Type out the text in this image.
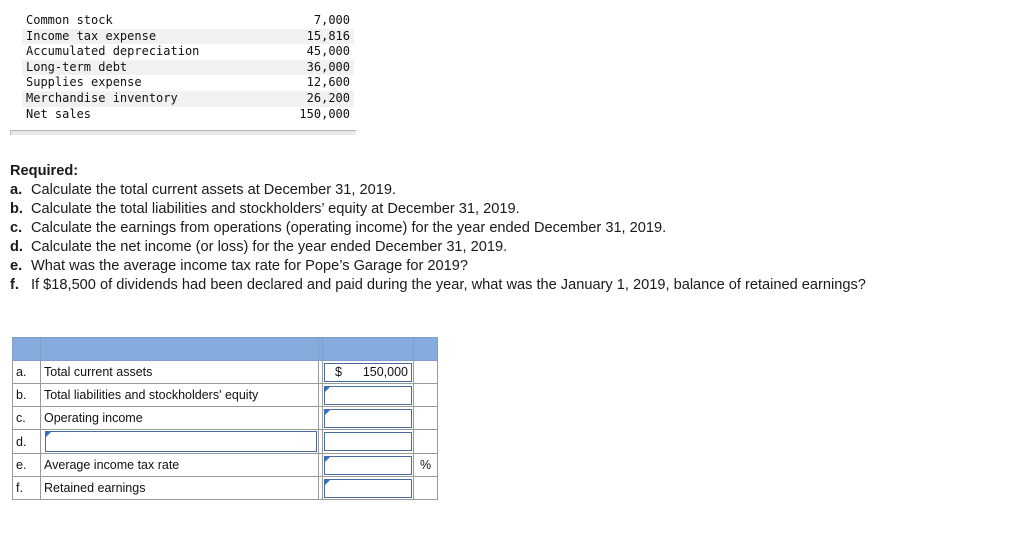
Common stock	7,000
Income tax expense	15,816
Accumulated depreciation	45,000
Long-term debt	36,000
Supplies expense	12,600
Merchandise inventory	26,200
Net sales	150,000
Required:
a. Calculate the total current assets at December 31, 2019.
b. Calculate the total liabilities and stockholders’ equity at December 31, 2019.
c. Calculate the earnings from operations (operating income) for the year ended December 31, 2019.
d. Calculate the net income (or loss) for the year ended December 31, 2019.
e. What was the average income tax rate for Pope’s Garage for 2019?
f. If $18,500 of dividends had been declared and paid during the year, what was the January 1, 2019, balance of retained earnings?

a.	Total current assets		$ 150,000	

b.	Total liabilities and stockholders' equity		

c.	Operating income		

d.	

e.	Average income tax rate			%
f.	Retained earnings		
